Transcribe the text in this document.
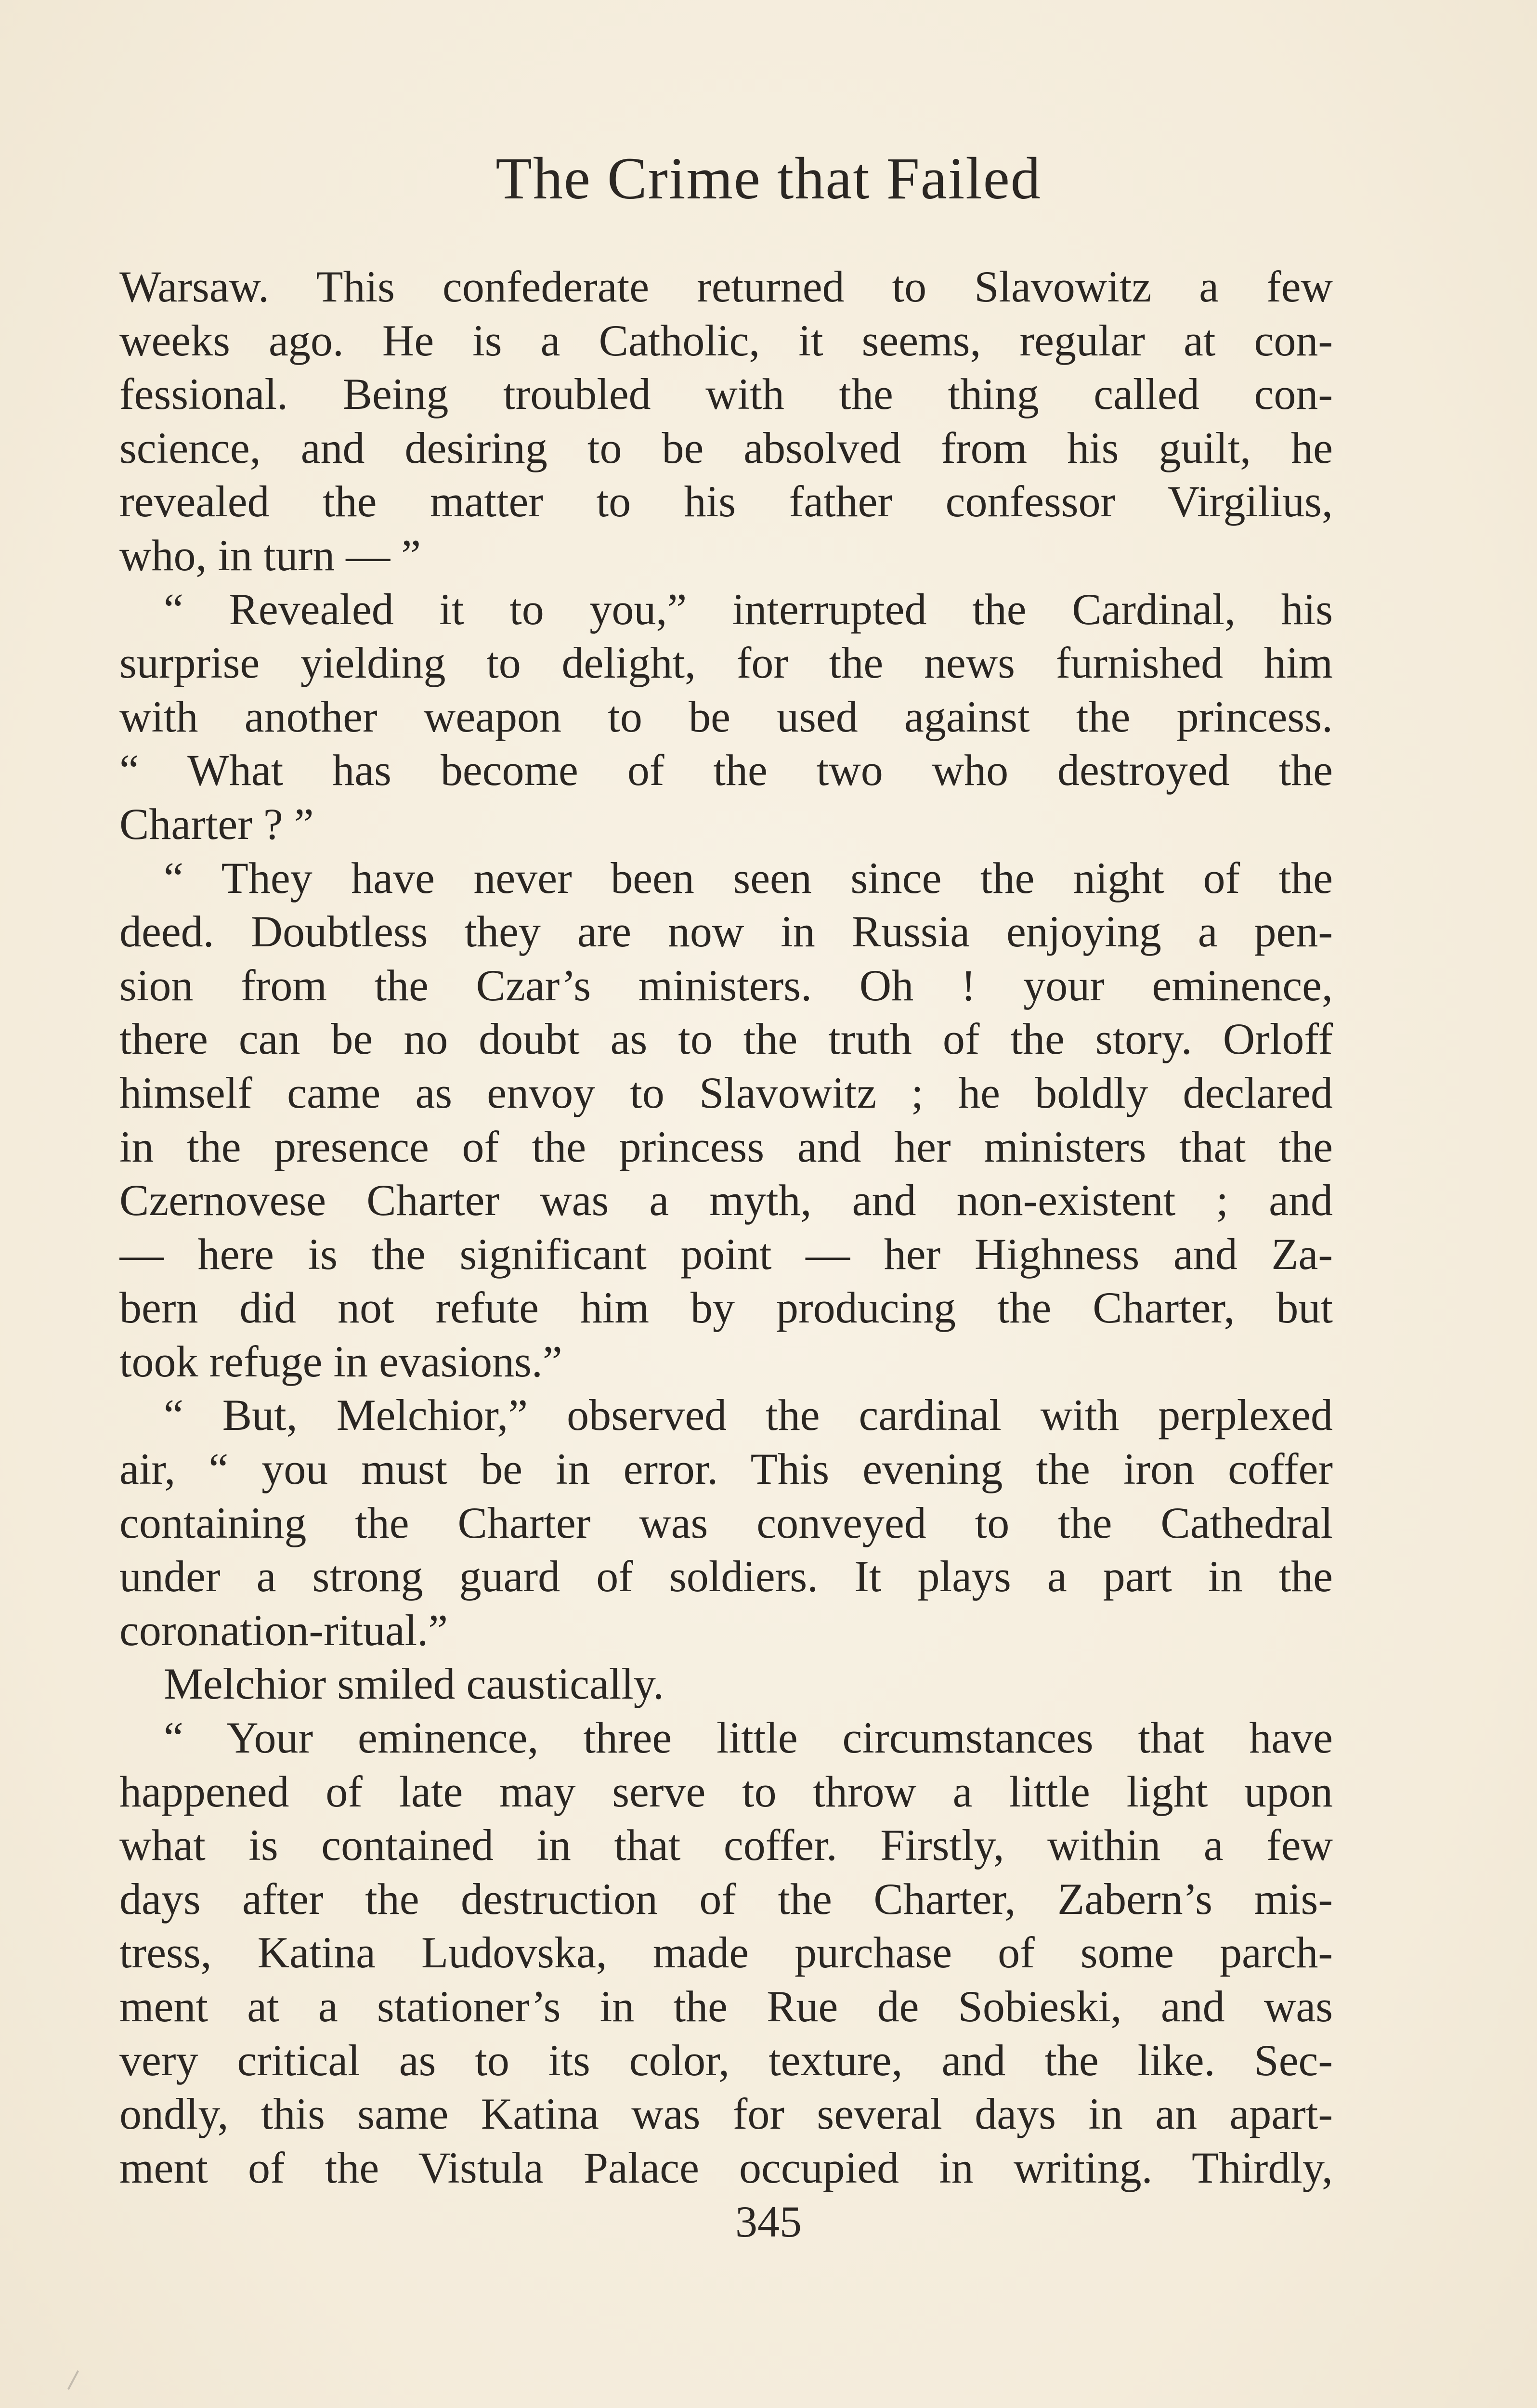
The Crime that Failed
Warsaw. This confederate returned to Slavowitz a few
weeks ago. He is a Catholic, it seems, regular at con-
fessional. Being troubled with the thing called con-
science, and desiring to be absolved from his guilt, he
revealed the matter to his father confessor Virgilius,
who, in turn — ”
“ Revealed it to you,” interrupted the Cardinal, his
surprise yielding to delight, for the news furnished him
with another weapon to be used against the princess.
“ What has become of the two who destroyed the
Charter ? ”
“ They have never been seen since the night of the
deed. Doubtless they are now in Russia enjoying a pen-
sion from the Czar’s ministers. Oh ! your eminence,
there can be no doubt as to the truth of the story. Orloff
himself came as envoy to Slavowitz ; he boldly declared
in the presence of the princess and her ministers that the
Czernovese Charter was a myth, and non-existent ; and
— here is the significant point — her Highness and Za-
bern did not refute him by producing the Charter, but
took refuge in evasions.”
“ But, Melchior,” observed the cardinal with perplexed
air, “ you must be in error. This evening the iron coffer
containing the Charter was conveyed to the Cathedral
under a strong guard of soldiers. It plays a part in the
coronation-ritual.”
Melchior smiled caustically.
“ Your eminence, three little circumstances that have
happened of late may serve to throw a little light upon
what is contained in that coffer. Firstly, within a few
days after the destruction of the Charter, Zabern’s mis-
tress, Katina Ludovska, made purchase of some parch-
ment at a stationer’s in the Rue de Sobieski, and was
very critical as to its color, texture, and the like. Sec-
ondly, this same Katina was for several days in an apart-
ment of the Vistula Palace occupied in writing. Thirdly,
345
